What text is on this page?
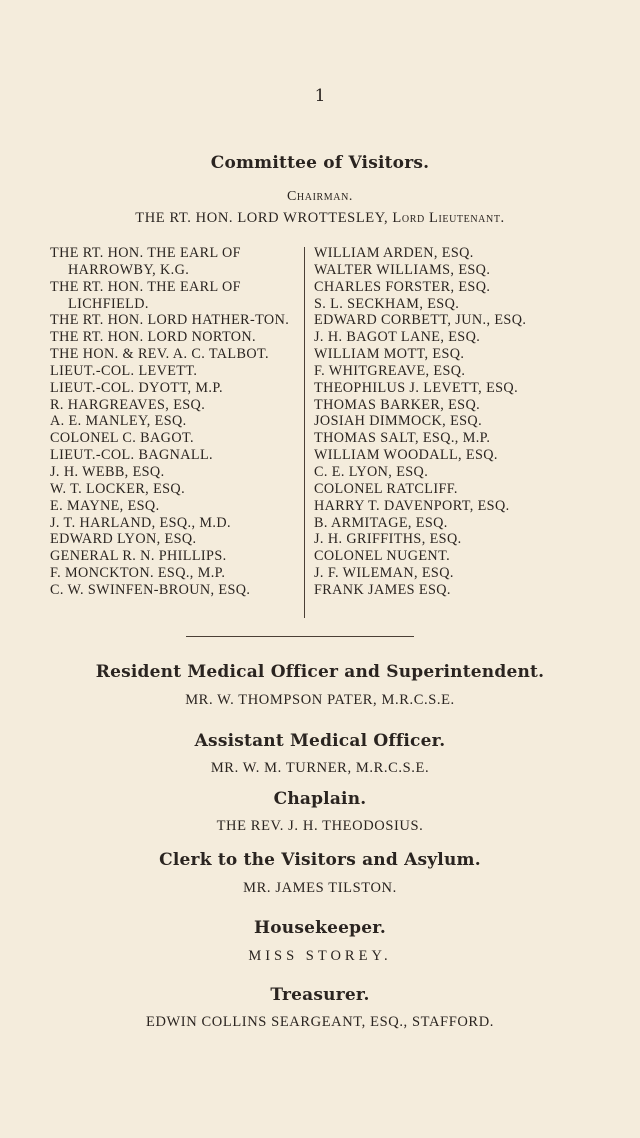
1
Committee of Visitors.
Chairman.
THE RT. HON. LORD WROTTESLEY, Lord Lieutenant.
THE RT. HON. THE EARL OF HARROWBY, K.G.
THE RT. HON. THE EARL OF LICHFIELD.
THE RT. HON. LORD HATHER-TON.
THE RT. HON. LORD NORTON.
THE HON. & REV. A. C. TALBOT.
LIEUT.-COL. LEVETT.
LIEUT.-COL. DYOTT, M.P.
R. HARGREAVES, ESQ.
A. E. MANLEY, ESQ.
COLONEL C. BAGOT.
LIEUT.-COL. BAGNALL.
J. H. WEBB, ESQ.
W. T. LOCKER, ESQ.
E. MAYNE, ESQ.
J. T. HARLAND, ESQ., M.D.
EDWARD LYON, ESQ.
GENERAL R. N. PHILLIPS.
F. MONCKTON. ESQ., M.P.
C. W. SWINFEN-BROUN, ESQ.
WILLIAM ARDEN, ESQ.
WALTER WILLIAMS, ESQ.
CHARLES FORSTER, ESQ.
S. L. SECKHAM, ESQ.
EDWARD CORBETT, JUN., ESQ.
J. H. BAGOT LANE, ESQ.
WILLIAM MOTT, ESQ.
F. WHITGREAVE, ESQ.
THEOPHILUS J. LEVETT, ESQ.
THOMAS BARKER, ESQ.
JOSIAH DIMMOCK, ESQ.
THOMAS SALT, ESQ., M.P.
WILLIAM WOODALL, ESQ.
C. E. LYON, ESQ.
COLONEL RATCLIFF.
HARRY T. DAVENPORT, ESQ.
B. ARMITAGE, ESQ.
J. H. GRIFFITHS, ESQ.
COLONEL NUGENT.
J. F. WILEMAN, ESQ.
FRANK JAMES ESQ.
Resident Medical Officer and Superintendent.
MR. W. THOMPSON PATER, M.R.C.S.E.
Assistant Medical Officer.
MR. W. M. TURNER, M.R.C.S.E.
Chaplain.
THE REV. J. H. THEODOSIUS.
Clerk to the Visitors and Asylum.
MR. JAMES TILSTON.
Housekeeper.
MISS STOREY.
Treasurer.
EDWIN COLLINS SEARGEANT, ESQ., STAFFORD.
